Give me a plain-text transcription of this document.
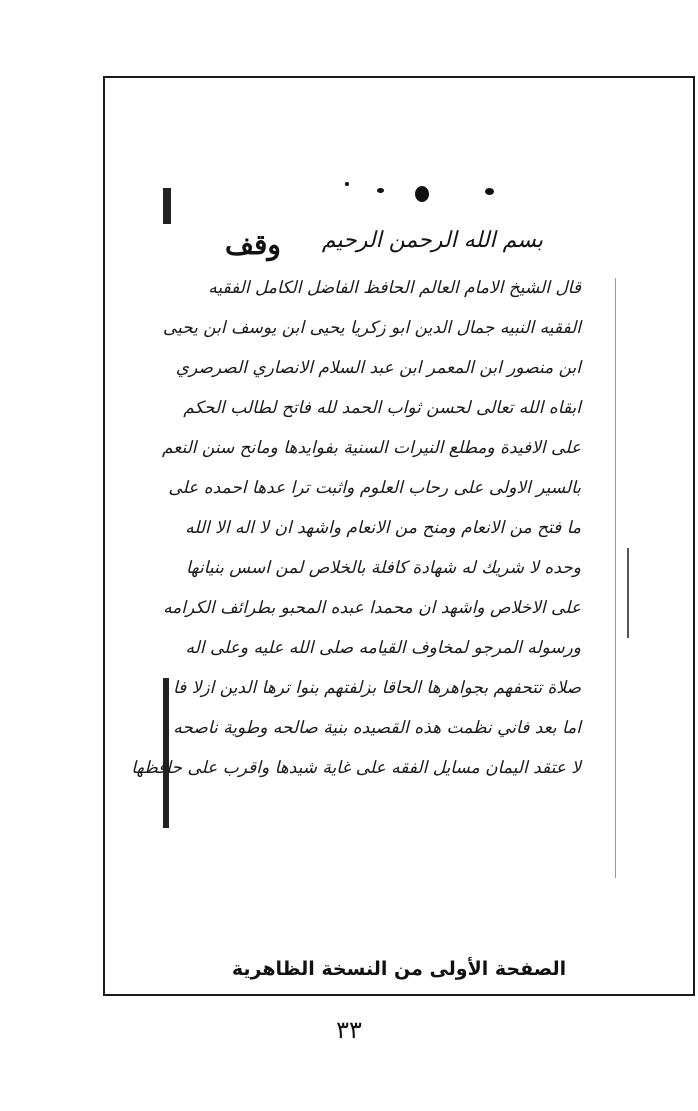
وقف بسم الله الرحمن الرحيم
قال الشيخ الامام العالم الحافظ الفاضل الكامل الفقيه
الفقيه النبيه جمال الدين ابو زكريا يحيى ابن يوسف ابن يحيى
ابن منصور ابن المعمر ابن عبد السلام الانصاري الصرصري
ابقاه الله تعالى لحسن ثواب الحمد لله فاتح لطالب الحكم
على الافيدة ومطلع النيرات السنية بفوايدها ومانح سنن النعم
بالسير الاولى على رحاب العلوم واثبت ترا عدها احمده على
ما فتح من الانعام ومنح من الانعام واشهد ان لا اله الا الله
وحده لا شريك له شهادة كافلة بالخلاص لمن اسس بنيانها
على الاخلاص واشهد ان محمدا عبده المحبو بطرائف الكرامه
ورسوله المرجو لمخاوف القيامه صلى الله عليه وعلى اله
صلاة تتحفهم بجواهرها الحاقا بزلفتهم بنوا ترها الدين ازلا فا
اما بعد فاني نظمت هذه القصيده بنية صالحه وطوية ناصحه
لا عتقد اليمان مسايل الفقه على غاية شيدها واقرب على حافظها
الصفحة الأولى من النسخة الظاهرية
٣٣
